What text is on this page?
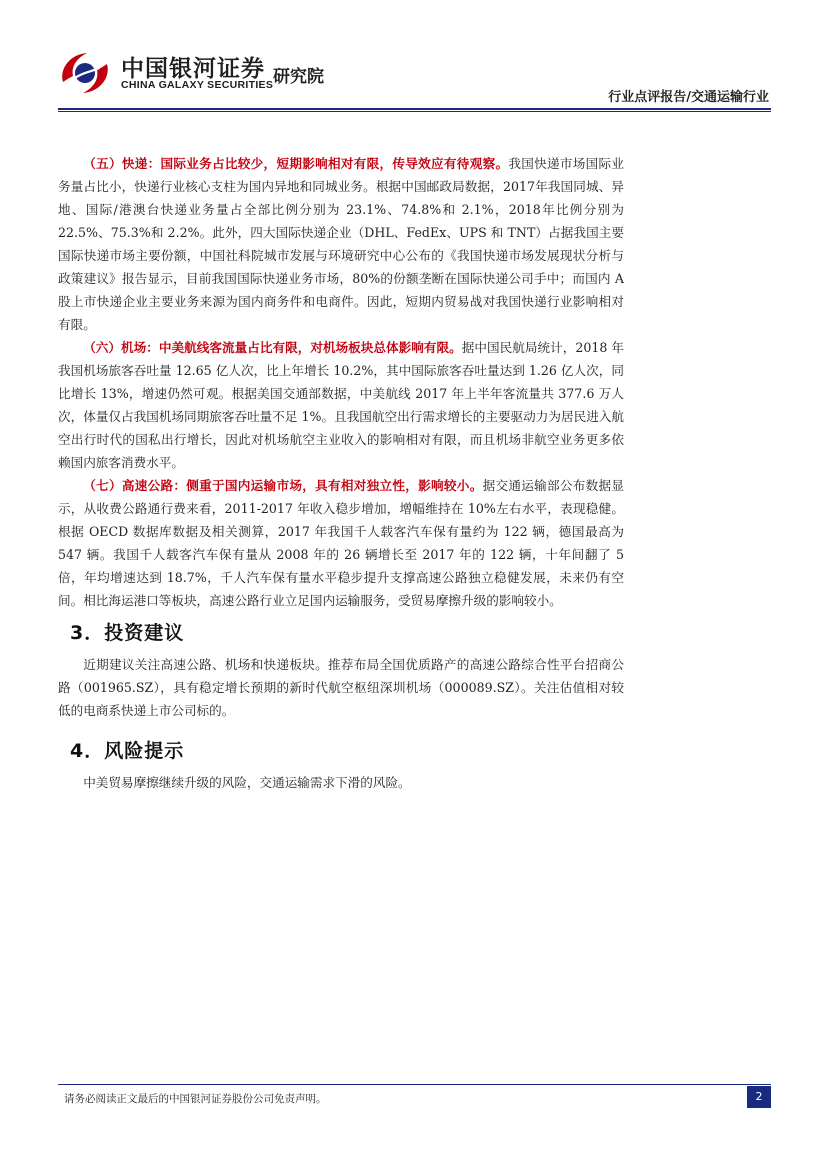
中国银河证券 研究院
CHINA GALAXY SECURITIES
行业点评报告/交通运输行业

（五）快递：国际业务占比较少，短期影响相对有限，传导效应有待观察。我国快递市场国际业务量占比小，快递行业核心支柱为国内异地和同城业务。根据中国邮政局数据，2017年我国同城、异地、国际/港澳台快递业务量占全部比例分别为 23.1%、74.8%和 2.1%，2018年比例分别为 22.5%、75.3%和 2.2%。此外，四大国际快递企业（DHL、FedEx、UPS 和 TNT）占据我国主要国际快递市场主要份额，中国社科院城市发展与环境研究中心公布的《我国快递市场发展现状分析与政策建议》报告显示，目前我国国际快递业务市场，80%的份额垄断在国际快递公司手中；而国内 A 股上市快递企业主要业务来源为国内商务件和电商件。因此，短期内贸易战对我国快递行业影响相对有限。

（六）机场：中美航线客流量占比有限，对机场板块总体影响有限。据中国民航局统计，2018 年我国机场旅客吞吐量 12.65 亿人次，比上年增长 10.2%，其中国际旅客吞吐量达到 1.26 亿人次，同比增长 13%，增速仍然可观。根据美国交通部数据，中美航线 2017 年上半年客流量共 377.6 万人次，体量仅占我国机场同期旅客吞吐量不足 1%。且我国航空出行需求增长的主要驱动力为居民进入航空出行时代的国私出行增长，因此对机场航空主业收入的影响相对有限，而且机场非航空业务更多依赖国内旅客消费水平。

（七）高速公路：侧重于国内运输市场，具有相对独立性，影响较小。据交通运输部公布数据显示，从收费公路通行费来看，2011-2017 年收入稳步增加，增幅维持在 10%左右水平，表现稳健。根据 OECD 数据库数据及相关测算，2017 年我国千人载客汽车保有量约为 122 辆，德国最高为 547 辆。我国千人载客汽车保有量从 2008 年的 26 辆增长至 2017 年的 122 辆，十年间翻了 5 倍，年均增速达到 18.7%，千人汽车保有量水平稳步提升支撑高速公路独立稳健发展，未来仍有空间。相比海运港口等板块，高速公路行业立足国内运输服务，受贸易摩擦升级的影响较小。

3．投资建议

近期建议关注高速公路、机场和快递板块。推荐布局全国优质路产的高速公路综合性平台招商公路（001965.SZ），具有稳定增长预期的新时代航空枢纽深圳机场（000089.SZ）。关注估值相对较低的电商系快递上市公司标的。

4．风险提示

中美贸易摩擦继续升级的风险，交通运输需求下滑的风险。

请务必阅读正文最后的中国银河证券股份公司免责声明。	2
